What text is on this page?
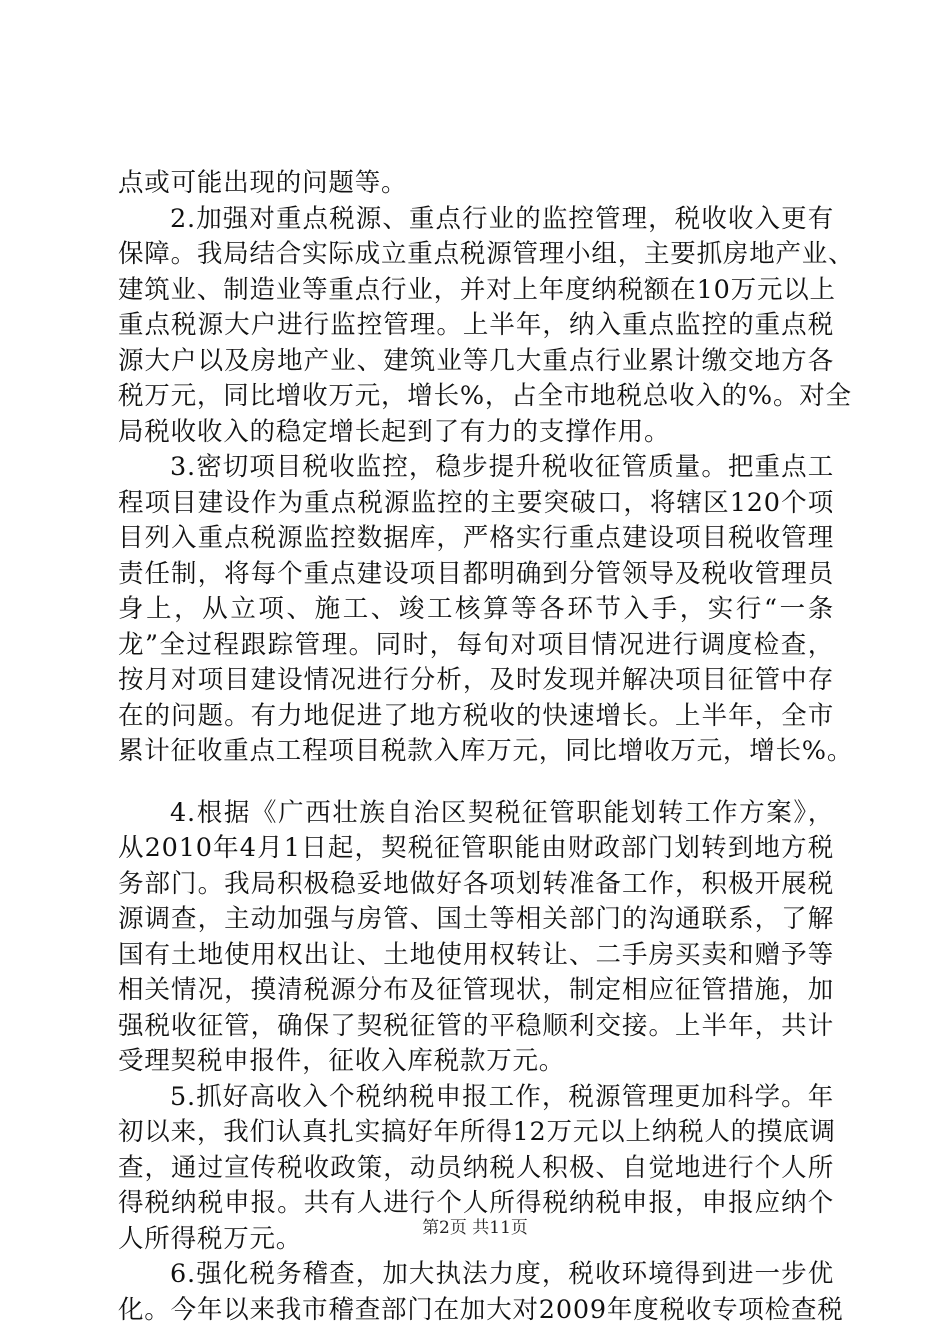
点或可能出现的问题等。
2.加强对重点税源、重点行业的监控管理，税收收入更有
保障。我局结合实际成立重点税源管理小组，主要抓房地产业、
建筑业、制造业等重点行业，并对上年度纳税额在10万元以上
重点税源大户进行监控管理。上半年，纳入重点监控的重点税
源大户以及房地产业、建筑业等几大重点行业累计缴交地方各
税万元，同比增收万元，增长%，占全市地税总收入的%。对全
局税收收入的稳定增长起到了有力的支撑作用。
3.密切项目税收监控，稳步提升税收征管质量。把重点工
程项目建设作为重点税源监控的主要突破口，将辖区120个项
目列入重点税源监控数据库，严格实行重点建设项目税收管理
责任制，将每个重点建设项目都明确到分管领导及税收管理员
身上，从立项、施工、竣工核算等各环节入手，实行“一条
龙”全过程跟踪管理。同时，每旬对项目情况进行调度检查，
按月对项目建设情况进行分析，及时发现并解决项目征管中存
在的问题。有力地促进了地方税收的快速增长。上半年，全市
累计征收重点工程项目税款入库万元，同比增收万元，增长%。
4.根据《广西壮族自治区契税征管职能划转工作方案》，
从2010年4月1日起，契税征管职能由财政部门划转到地方税
务部门。我局积极稳妥地做好各项划转准备工作，积极开展税
源调查，主动加强与房管、国土等相关部门的沟通联系，了解
国有土地使用权出让、土地使用权转让、二手房买卖和赠予等
相关情况，摸清税源分布及征管现状，制定相应征管措施，加
强税收征管，确保了契税征管的平稳顺利交接。上半年，共计
受理契税申报件，征收入库税款万元。
5.抓好高收入个税纳税申报工作，税源管理更加科学。年
初以来，我们认真扎实搞好年所得12万元以上纳税人的摸底调
查，通过宣传税收政策，动员纳税人积极、自觉地进行个人所
得税纳税申报。共有人进行个人所得税纳税申报，申报应纳个
人所得税万元。
6.强化税务稽查，加大执法力度，税收环境得到进一步优
化。今年以来我市稽查部门在加大对2009年度税收专项检查税
第2页 共11页
